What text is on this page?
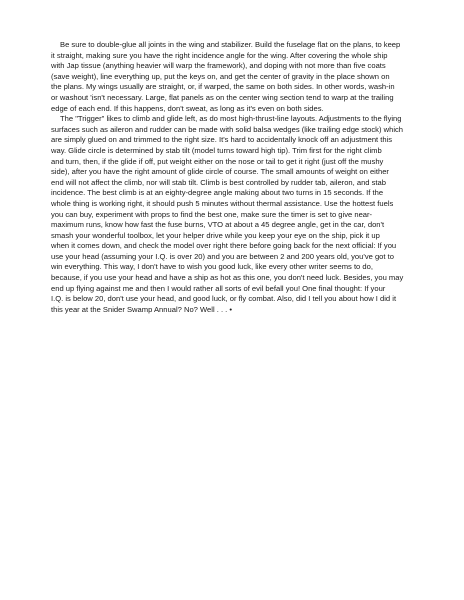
Be sure to double-glue all joints in the wing and stabilizer. Build the fuselage flat on the plans, to keep
it straight, making sure you have the right incidence angle for the wing. After covering the whole ship
with Jap tissue (anything heavier will warp the framework), and doping with not more than five coats
(save weight), line everything up, put the keys on, and get the center of gravity in the place shown on
the plans. My wings usually are straight, or, if warped, the same on both sides. In other words, wash-in
or washout 'isn't necessary. Large, flat panels as on the center wing section tend to warp at the trailing
edge of each end. If this happens, don't sweat, as long as it's even on both sides.

The "Trigger" likes to climb and glide left, as do most high-thrust-line layouts. Adjustments to the flying
surfaces such as aileron and rudder can be made with solid balsa wedges (like trailing edge stock) which
are simply glued on and trimmed to the right size. It's hard to accidentally knock off an adjustment this
way. Glide circle is determined by stab tilt (model turns toward high tip). Trim first for the right climb
and turn, then, if the glide if off, put weight either on the nose or tail to get it right (just off the mushy
side), after you have the right amount of glide circle of course. The small amounts of weight on either
end will not affect the climb, nor will stab tilt. Climb is best controlled by rudder tab, aileron, and stab
incidence. The best climb is at an eighty-degree angle making about two turns in 15 seconds. If the
whole thing is working right, it should push 5 minutes without thermal assistance. Use the hottest fuels
you can buy, experiment with props to find the best one, make sure the timer is set to give near-
maximum runs, know how fast the fuse burns, VTO at about a 45 degree angle, get in the car, don't
smash your wonderful toolbox, let your helper drive while you keep your eye on the ship, pick it up
when it comes down, and check the model over right there before going back for the next official: If you
use your head (assuming your I.Q. is over 20) and you are between 2 and 200 years old, you've got to
win everything. This way, I don't have to wish you good luck, like every other writer seems to do,
because, if you use your head and have a ship as hot as this one, you don't need luck. Besides, you may
end up flying against me and then I would rather all sorts of evil befall you! One final thought: If your
I.Q. is below 20, don't use your head, and good luck, or fly combat. Also, did I tell you about how I did it
this year at the Snider Swamp Annual? No? Well . . . •
